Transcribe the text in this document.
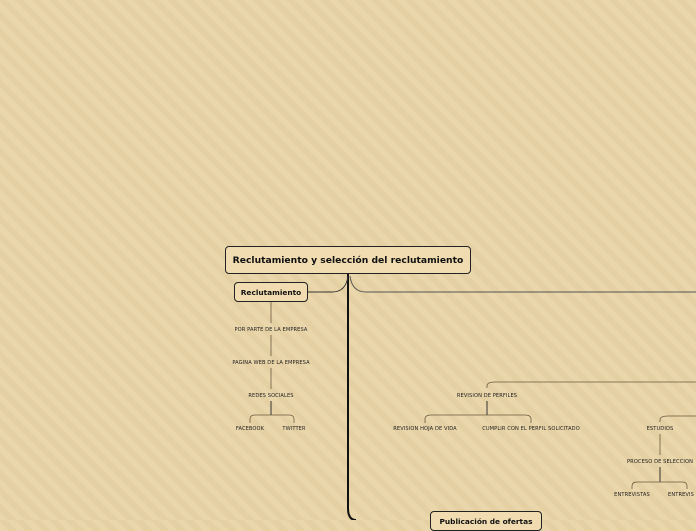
Reclutamiento y selección del reclutamiento
Reclutamiento
Publicación de ofertas
POR PARTE DE LA EMPRESA
PAGINA WEB DE LA EMPRESA
REDES SOCIALES
FACEBOOK	TWITTER
REVISION DE PERFILES
REVISION HOJA DE VIDA	CUMPLIR CON EL PERFIL SOLICITADO	ESTUDIOS
PROCESO DE SELECCION
ENTREVISTAS	ENTREVIS
